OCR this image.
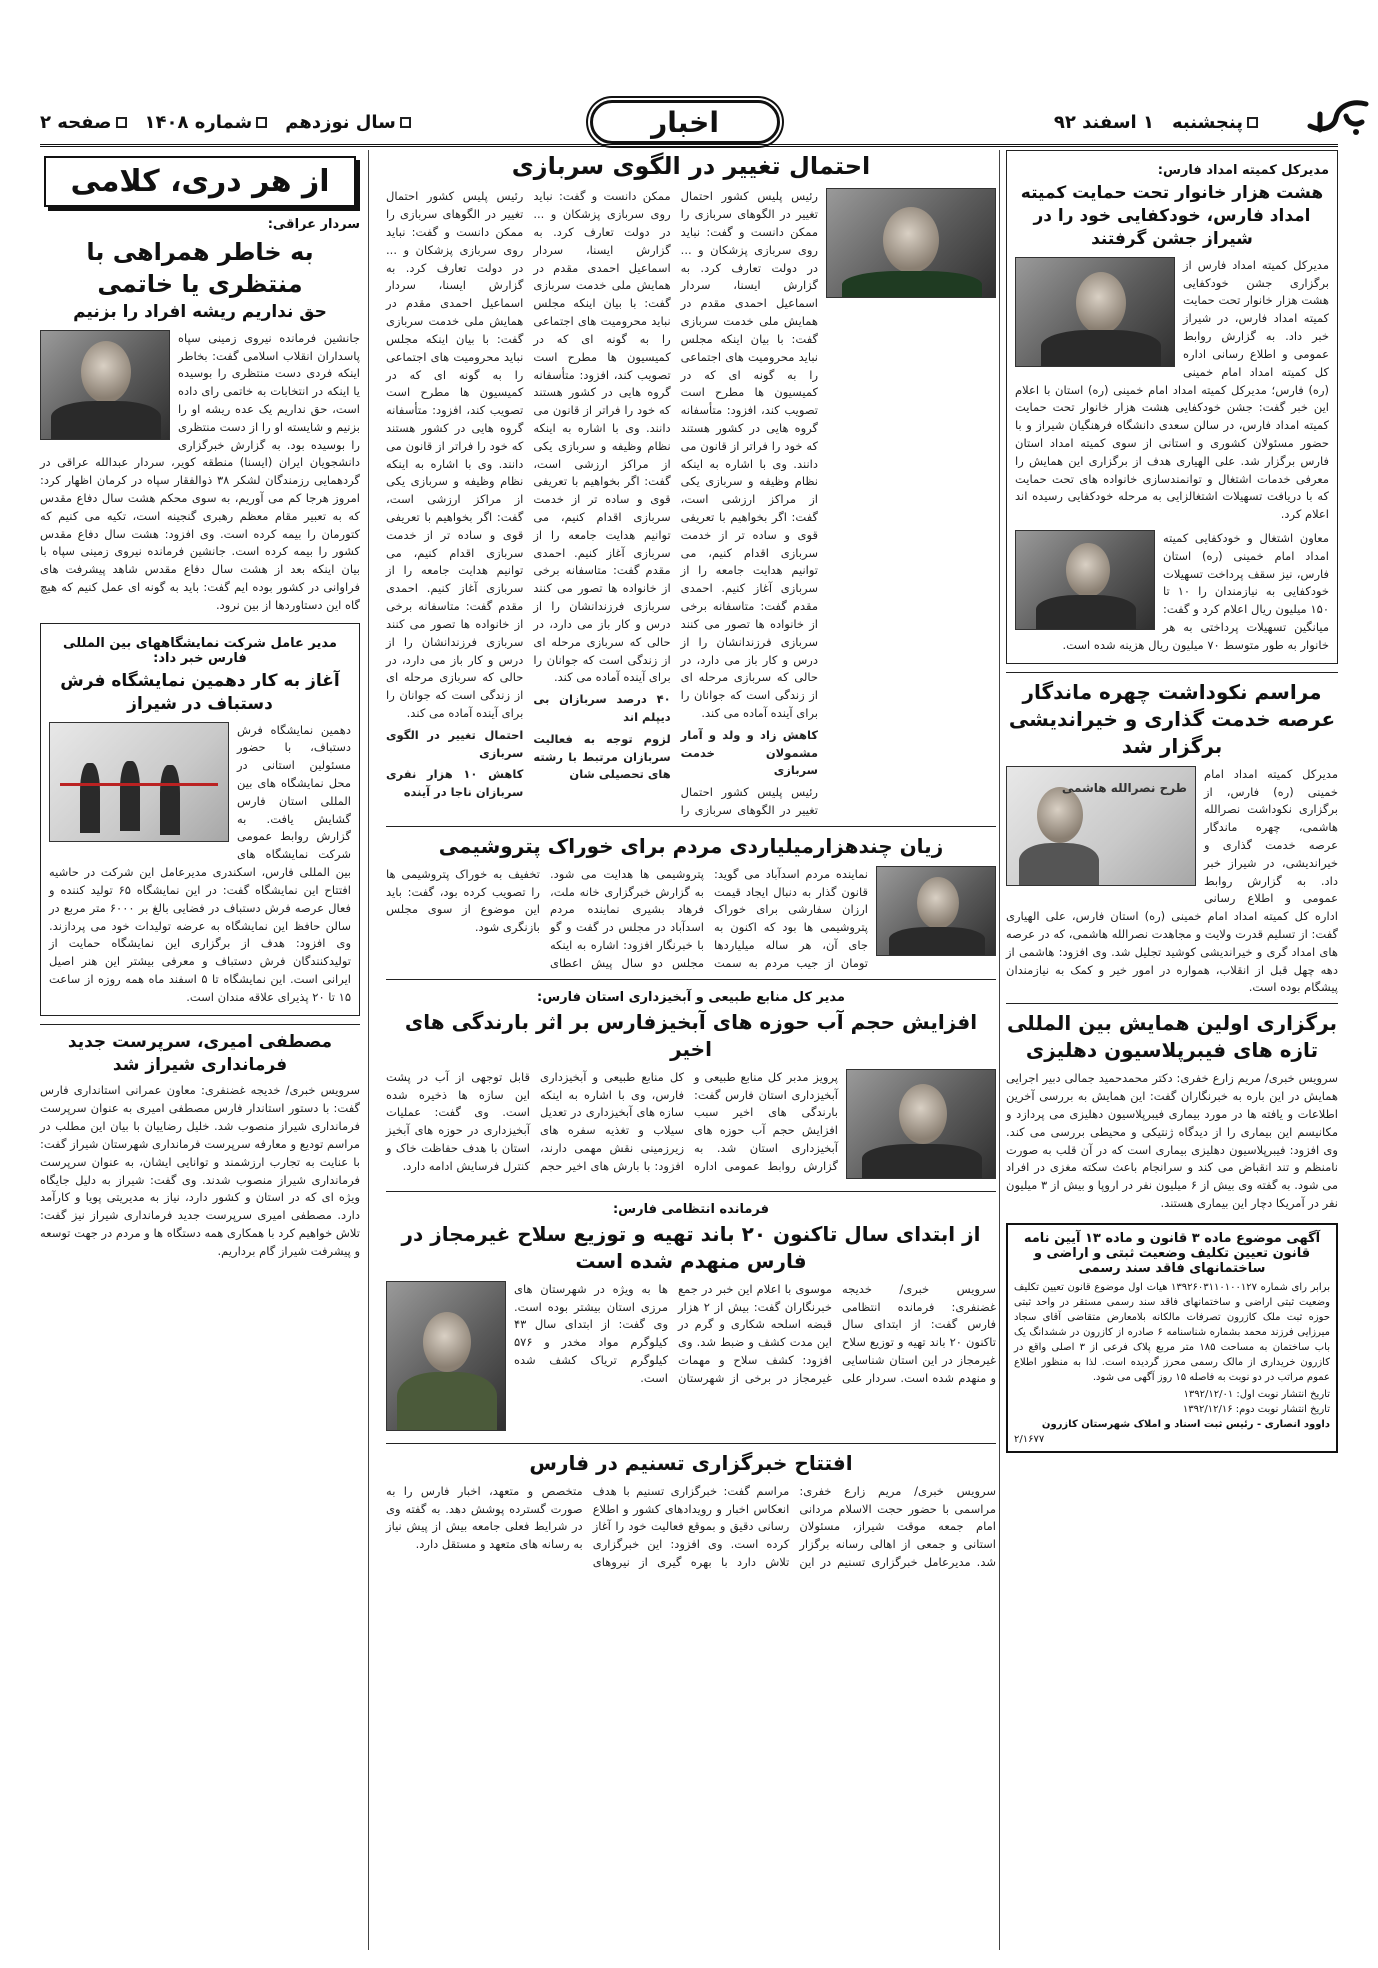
پنجشنبه
۱ اسفند ۹۲
سال نوزدهم
شماره ۱۴۰۸
صفحه ۲	اخبار
مدیرکل کمیته امداد فارس:
هشت هزار خانوار تحت حمایت کمیته امداد فارس، خودکفایی خود را در شیراز جشن گرفتند
مدیرکل کمیته امداد فارس از برگزاری جشن خودکفایی هشت هزار خانوار تحت حمایت کمیته امداد فارس، در شیراز خبر داد. به گزارش روابط عمومی و اطلاع رسانی اداره کل کمیته امداد امام خمینی (ره) فارس؛ مدیرکل کمیته امداد امام خمینی (ره) استان با اعلام این خبر گفت: جشن خودکفایی هشت هزار خانوار تحت حمایت کمیته امداد فارس، در سالن سعدی دانشگاه فرهنگیان شیراز و با حضور مسئولان کشوری و استانی از سوی کمیته امداد استان فارس برگزار شد. علی الهیاری هدف از برگزاری این همایش را معرفی خدمات اشتغال و توانمندسازی خانواده های تحت حمایت که با دریافت تسهیلات اشتغالزایی به مرحله خودکفایی رسیده اند اعلام کرد.
معاون اشتغال و خودکفایی کمیته امداد امام خمینی (ره) استان فارس، نیز سقف پرداخت تسهیلات خودکفایی به نیازمندان را ۱۰ تا ۱۵۰ میلیون ریال اعلام کرد و گفت: میانگین تسهیلات پرداختی به هر خانوار به طور متوسط ۷۰ میلیون ریال هزینه شده است.
مراسم نکوداشت چهره ماندگار عرصه خدمت گذاری و خیراندیشی برگزار شد
طرح نصرالله هاشمی
مدیرکل کمیته امداد امام خمینی (ره) فارس، از برگزاری نکوداشت نصرالله هاشمی، چهره ماندگار عرصه خدمت گذاری و خیراندیشی، در شیراز خبر داد. به گزارش روابط عمومی و اطلاع رسانی اداره کل کمیته امداد امام خمینی (ره) استان فارس، علی الهیاری گفت: از تسلیم قدرت ولایت و مجاهدت نصرالله هاشمی، که در عرصه های امداد گری و خیراندیشی کوشید تجلیل شد. وی افزود: هاشمی از دهه چهل قبل از انقلاب، همواره در امور خیر و کمک به نیازمندان پیشگام بوده است.
برگزاری اولین همایش بین المللی تازه های فیبرپلاسیون دهلیزی
سرویس خبری/ مریم زارع خفری: دکتر محمدحمید جمالی دبیر اجرایی همایش در این باره به خبرنگاران گفت: این همایش به بررسی آخرین اطلاعات و یافته ها در مورد بیماری فیبرپلاسیون دهلیزی می پردازد و مکانیسم این بیماری را از دیدگاه ژنتیکی و محیطی بررسی می کند. وی افزود: فیبرپلاسیون دهلیزی بیماری است که در آن قلب به صورت نامنظم و تند انقباض می کند و سرانجام باعث سکته مغزی در افراد می شود. به گفته وی بیش از ۶ میلیون نفر در اروپا و بیش از ۳ میلیون نفر در آمریکا دچار این بیماری هستند.
آگهی موضوع ماده ۳ قانون و ماده ۱۳ آیین نامه قانون تعیین تکلیف وضعیت ثبتی و اراضی و ساختمانهای فاقد سند رسمی
برابر رای شماره ۱۳۹۲۶۰۳۱۱۰۱۰۰۱۲۷ هیات اول موضوع قانون تعیین تکلیف وضعیت ثبتی اراضی و ساختمانهای فاقد سند رسمی مستقر در واحد ثبتی حوزه ثبت ملک کازرون تصرفات مالکانه بلامعارض متقاضی آقای سجاد میرزایی فرزند محمد بشماره شناسنامه ۶ صادره از کازرون در ششدانگ یک باب ساختمان به مساحت ۱۸۵ متر مربع پلاک فرعی از ۳ اصلی واقع در کازرون خریداری از مالک رسمی محرز گردیده است. لذا به منظور اطلاع عموم مراتب در دو نوبت به فاصله ۱۵ روز آگهی می شود.
تاریخ انتشار نوبت اول: ۱۳۹۲/۱۲/۰۱
تاریخ انتشار نوبت دوم: ۱۳۹۲/۱۲/۱۶
داوود انصاری - رئیس ثبت اسناد و املاک شهرستان کازرون
۲/۱۶۷۷
احتمال تغییر در الگوی سربازی

رئیس پلیس کشور احتمال تغییر در الگوهای سربازی را ممکن دانست و گفت: نباید روی سربازی پزشکان و ... در دولت تعارف کرد. به گزارش ایسنا، سردار اسماعیل احمدی مقدم در همایش ملی خدمت سربازی گفت: با بیان اینکه مجلس نباید محرومیت های اجتماعی را به گونه ای که در کمیسیون ها مطرح است تصویب کند، افزود: متأسفانه گروه هایی در کشور هستند که خود را فراتر از قانون می دانند. وی با اشاره به اینکه نظام وظیفه و سربازی یکی از مراکز ارزشی است، گفت: اگر بخواهیم با تعریفی قوی و ساده تر از خدمت سربازی اقدام کنیم، می توانیم هدایت جامعه را از سربازی آغاز کنیم. احمدی مقدم گفت: متاسفانه برخی از خانواده ها تصور می کنند سربازی فرزندانشان را از درس و کار باز می دارد، در حالی که سربازی مرحله ای از زندگی است که جوانان را برای آینده آماده می کند.

کاهش زاد و ولد و آمار مشمولان خدمت سربازی

رئیس پلیس کشور احتمال تغییر در الگوهای سربازی را ممکن دانست و گفت: نباید روی سربازی پزشکان و ... در دولت تعارف کرد. به گزارش ایسنا، سردار اسماعیل احمدی مقدم در همایش ملی خدمت سربازی گفت: با بیان اینکه مجلس نباید محرومیت های اجتماعی را به گونه ای که در کمیسیون ها مطرح است تصویب کند، افزود: متأسفانه گروه هایی در کشور هستند که خود را فراتر از قانون می دانند. وی با اشاره به اینکه نظام وظیفه و سربازی یکی از مراکز ارزشی است، گفت: اگر بخواهیم با تعریفی قوی و ساده تر از خدمت سربازی اقدام کنیم، می توانیم هدایت جامعه را از سربازی آغاز کنیم. احمدی مقدم گفت: متاسفانه برخی از خانواده ها تصور می کنند سربازی فرزندانشان را از درس و کار باز می دارد، در حالی که سربازی مرحله ای از زندگی است که جوانان را برای آینده آماده می کند.

۴۰ درصد سربازان بی دیپلم اند

لزوم توجه به فعالیت سربازان مرتبط با رشته های تحصیلی شان

رئیس پلیس کشور احتمال تغییر در الگوهای سربازی را ممکن دانست و گفت: نباید روی سربازی پزشکان و ... در دولت تعارف کرد. به گزارش ایسنا، سردار اسماعیل احمدی مقدم در همایش ملی خدمت سربازی گفت: با بیان اینکه مجلس نباید محرومیت های اجتماعی را به گونه ای که در کمیسیون ها مطرح است تصویب کند، افزود: متأسفانه گروه هایی در کشور هستند که خود را فراتر از قانون می دانند. وی با اشاره به اینکه نظام وظیفه و سربازی یکی از مراکز ارزشی است، گفت: اگر بخواهیم با تعریفی قوی و ساده تر از خدمت سربازی اقدام کنیم، می توانیم هدایت جامعه را از سربازی آغاز کنیم. احمدی مقدم گفت: متاسفانه برخی از خانواده ها تصور می کنند سربازی فرزندانشان را از درس و کار باز می دارد، در حالی که سربازی مرحله ای از زندگی است که جوانان را برای آینده آماده می کند.

احتمال تغییر در الگوی سربازی

کاهش ۱۰ هزار نفری سربازان ناجا در آینده

زیان چندهزارمیلیاردی مردم برای خوراک پتروشیمی
نماینده مردم اسدآباد می گوید: قانون گذار به دنبال ایجاد قیمت ارزان سفارشی برای خوراک پتروشیمی ها بود که اکنون به جای آن، هر ساله میلیاردها تومان از جیب مردم به سمت پتروشیمی ها هدایت می شود. به گزارش خبرگزاری خانه ملت، فرهاد بشیری نماینده مردم اسدآباد در مجلس در گفت و گو با خبرنگار افزود: اشاره به اینکه مجلس دو سال پیش اعطای تخفیف به خوراک پتروشیمی ها را تصویب کرده بود، گفت: باید این موضوع از سوی مجلس بازنگری شود.
مدیر کل منابع طبیعی و آبخیزداری استان فارس:
افزایش حجم آب حوزه های آبخیزفارس بر اثر بارندگی های اخیر
پرویز مدبر کل منابع طبیعی و آبخیزداری استان فارس گفت: بارندگی های اخیر سبب افزایش حجم آب حوزه های آبخیزداری استان شد. به گزارش روابط عمومی اداره کل منابع طبیعی و آبخیزداری فارس، وی با اشاره به اینکه سازه های آبخیزداری در تعدیل سیلاب و تغذیه سفره های زیرزمینی نقش مهمی دارند، افزود: با بارش های اخیر حجم قابل توجهی از آب در پشت این سازه ها ذخیره شده است. وی گفت: عملیات آبخیزداری در حوزه های آبخیز استان با هدف حفاظت خاک و کنترل فرسایش ادامه دارد.
فرمانده انتظامی فارس:
از ابتدای سال تاکنون ۲۰ باند تهیه و توزیع سلاح غیرمجاز در فارس منهدم شده است
سرویس خبری/ خدیجه غضنفری: فرمانده انتظامی فارس گفت: از ابتدای سال تاکنون ۲۰ باند تهیه و توزیع سلاح غیرمجاز در این استان شناسایی و منهدم شده است. سردار علی موسوی با اعلام این خبر در جمع خبرنگاران گفت: بیش از ۲ هزار قبضه اسلحه شکاری و گرم در این مدت کشف و ضبط شد. وی افزود: کشف سلاح و مهمات غیرمجاز در برخی از شهرستان ها به ویژه در شهرستان های مرزی استان بیشتر بوده است. وی گفت: از ابتدای سال ۴۳ کیلوگرم مواد مخدر و ۵۷۶ کیلوگرم تریاک کشف شده است.
افتتاح خبرگزاری تسنیم در فارس
سرویس خبری/ مریم زارع خفری: مراسمی با حضور حجت الاسلام مردانی امام جمعه موقت شیراز، مسئولان استانی و جمعی از اهالی رسانه برگزار شد. مدیرعامل خبرگزاری تسنیم در این مراسم گفت: خبرگزاری تسنیم با هدف انعکاس اخبار و رویدادهای کشور و اطلاع رسانی دقیق و بموقع فعالیت خود را آغاز کرده است. وی افزود: این خبرگزاری تلاش دارد با بهره گیری از نیروهای متخصص و متعهد، اخبار فارس را به صورت گسترده پوشش دهد. به گفته وی در شرایط فعلی جامعه بیش از پیش نیاز به رسانه های متعهد و مستقل دارد.
از هر دری، کلامی
سردار عراقی:
به خاطر همراهی با منتظری یا خاتمی
حق نداریم ریشه افراد را بزنیم
جانشین فرمانده نیروی زمینی سپاه پاسداران انقلاب اسلامی گفت: بخاطر اینکه فردی دست منتظری را بوسیده یا اینکه در انتخابات به خاتمی رای داده است، حق نداریم یک عده ریشه او را بزنیم و شایسته او را از دست منتظری را بوسیده بود. به گزارش خبرگزاری دانشجویان ایران (ایسنا) منطقه کویر، سردار عبدالله عراقی در گردهمایی رزمندگان لشکر ۳۸ ذوالفقار سپاه در کرمان اظهار کرد: امروز هرجا کم می آوریم، به سوی محکم هشت سال دفاع مقدس که به تعبیر مقام معظم رهبری گنجینه است، تکیه می کنیم که کتورمان را بیمه کرده است. وی افزود: هشت سال دفاع مقدس کشور را بیمه کرده است. جانشین فرمانده نیروی زمینی سپاه با بیان اینکه بعد از هشت سال دفاع مقدس شاهد پیشرفت های فراوانی در کشور بوده ایم گفت: باید به گونه ای عمل کنیم که هیچ گاه این دستاوردها از بین نرود.
مدیر عامل شرکت نمایشگاههای بین المللی فارس خبر داد:
آغاز به کار دهمین نمایشگاه فرش دستباف در شیراز
دهمین نمایشگاه فرش دستباف، با حضور مسئولین استانی در محل نمایشگاه های بین المللی استان فارس گشایش یافت. به گزارش روابط عمومی شرکت نمایشگاه های بین المللی فارس، اسکندری مدیرعامل این شرکت در حاشیه افتتاح این نمایشگاه گفت: در این نمایشگاه ۶۵ تولید کننده و فعال عرصه فرش دستباف در فضایی بالغ بر ۶۰۰۰ متر مربع در سالن حافظ این نمایشگاه به عرضه تولیدات خود می پردازند. وی افزود: هدف از برگزاری این نمایشگاه حمایت از تولیدکنندگان فرش دستباف و معرفی بیشتر این هنر اصیل ایرانی است. این نمایشگاه تا ۵ اسفند ماه همه روزه از ساعت ۱۵ تا ۲۰ پذیرای علاقه مندان است.
مصطفی امیری، سرپرست جدید
فرمانداری شیراز شد
سرویس خبری/ خدیجه غضنفری: معاون عمرانی استانداری فارس گفت: با دستور استاندار فارس مصطفی امیری به عنوان سرپرست فرمانداری شیراز منصوب شد. خلیل رضاییان با بیان این مطلب در مراسم تودیع و معارفه سرپرست فرمانداری شهرستان شیراز گفت: با عنایت به تجارب ارزشمند و توانایی ایشان، به عنوان سرپرست فرمانداری شیراز منصوب شدند. وی گفت: شیراز به دلیل جایگاه ویژه ای که در استان و کشور دارد، نیاز به مدیریتی پویا و کارآمد دارد. مصطفی امیری سرپرست جدید فرمانداری شیراز نیز گفت: تلاش خواهیم کرد با همکاری همه دستگاه ها و مردم در جهت توسعه و پیشرفت شیراز گام برداریم.
